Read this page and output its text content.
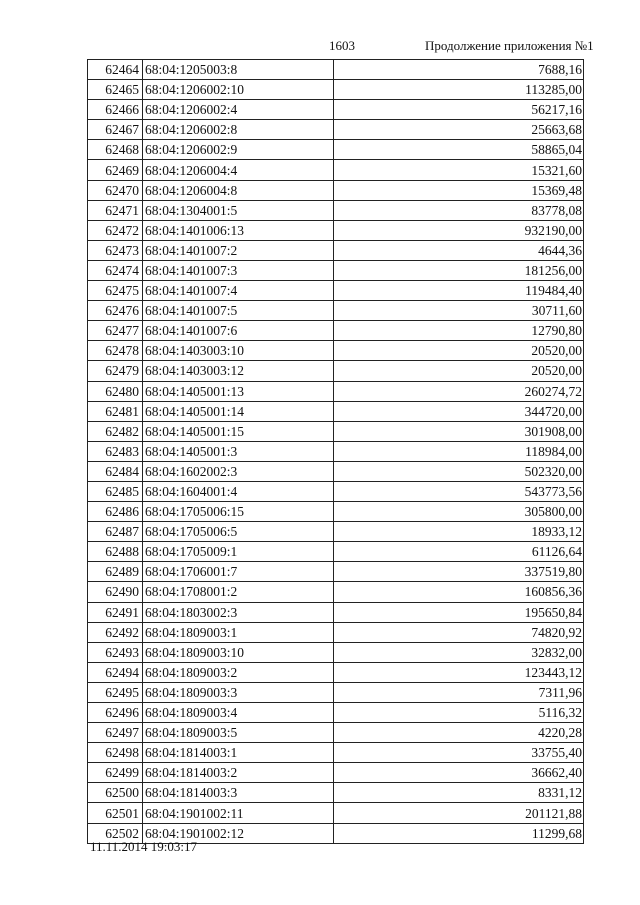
1603	Продолжение приложения №1
62464	68:04:1205003:8	7688,16
62465	68:04:1206002:10	113285,00
62466	68:04:1206002:4	56217,16
62467	68:04:1206002:8	25663,68
62468	68:04:1206002:9	58865,04
62469	68:04:1206004:4	15321,60
62470	68:04:1206004:8	15369,48
62471	68:04:1304001:5	83778,08
62472	68:04:1401006:13	932190,00
62473	68:04:1401007:2	4644,36
62474	68:04:1401007:3	181256,00
62475	68:04:1401007:4	119484,40
62476	68:04:1401007:5	30711,60
62477	68:04:1401007:6	12790,80
62478	68:04:1403003:10	20520,00
62479	68:04:1403003:12	20520,00
62480	68:04:1405001:13	260274,72
62481	68:04:1405001:14	344720,00
62482	68:04:1405001:15	301908,00
62483	68:04:1405001:3	118984,00
62484	68:04:1602002:3	502320,00
62485	68:04:1604001:4	543773,56
62486	68:04:1705006:15	305800,00
62487	68:04:1705006:5	18933,12
62488	68:04:1705009:1	61126,64
62489	68:04:1706001:7	337519,80
62490	68:04:1708001:2	160856,36
62491	68:04:1803002:3	195650,84
62492	68:04:1809003:1	74820,92
62493	68:04:1809003:10	32832,00
62494	68:04:1809003:2	123443,12
62495	68:04:1809003:3	7311,96
62496	68:04:1809003:4	5116,32
62497	68:04:1809003:5	4220,28
62498	68:04:1814003:1	33755,40
62499	68:04:1814003:2	36662,40
62500	68:04:1814003:3	8331,12
62501	68:04:1901002:11	201121,88
62502	68:04:1901002:12	11299,68
11.11.2014 19:03:17
